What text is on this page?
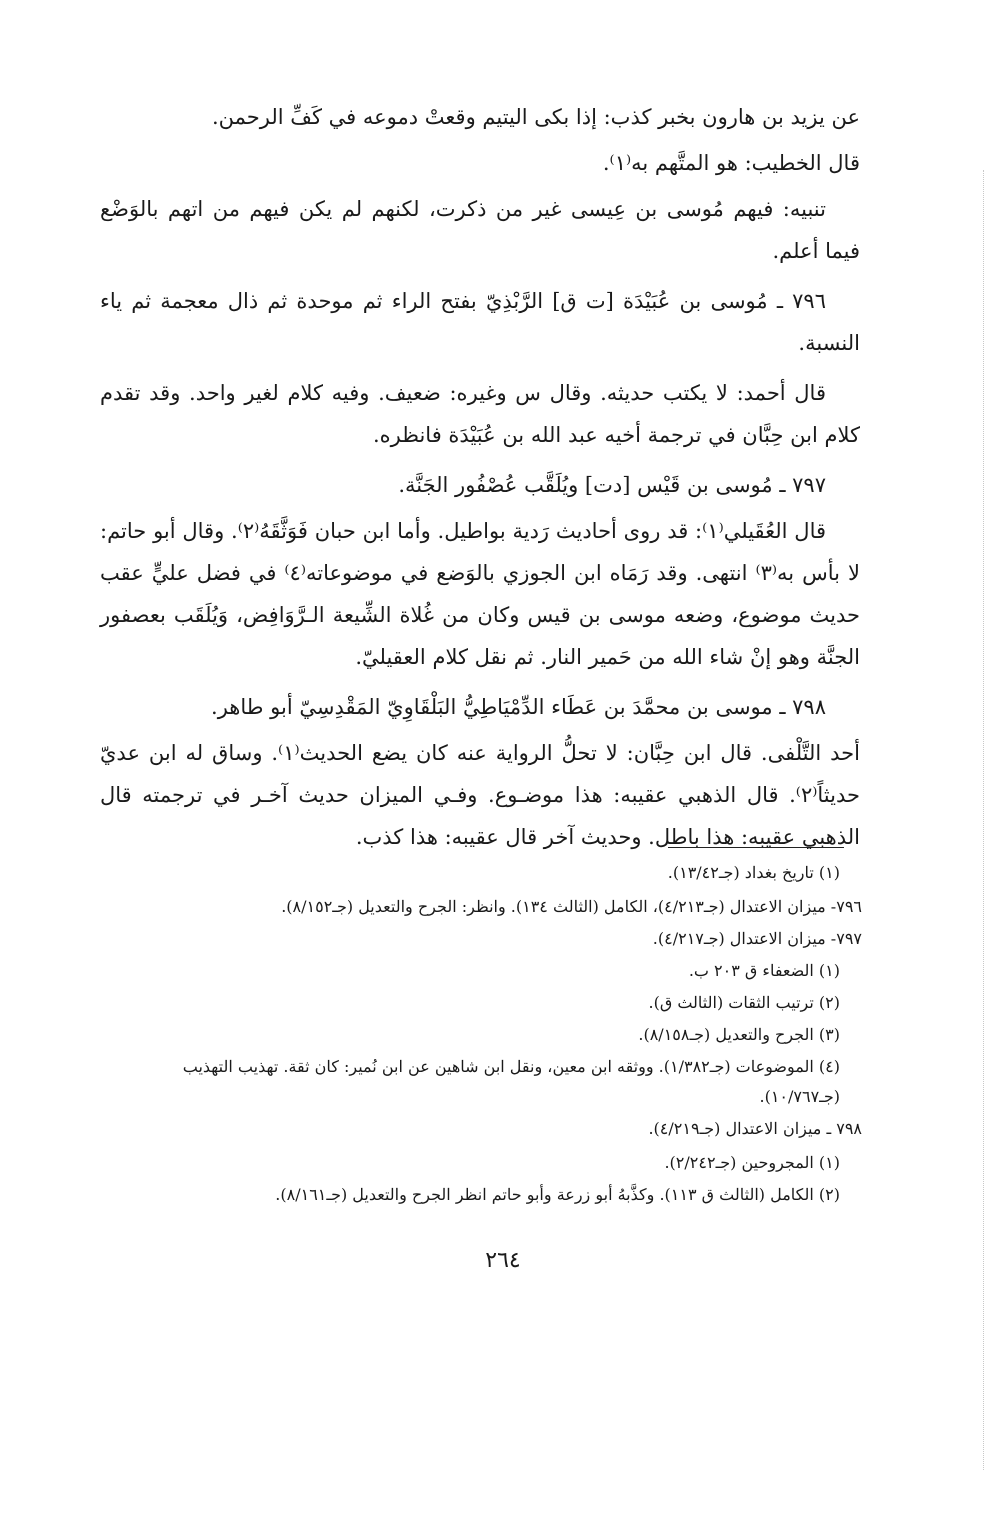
عن يزيد بن هارون بخبر كذب: إذا بكى اليتيم وقعتْ دموعه في كَفِّ الرحمن.

قال الخطيب: هو المتَّهم به⁽١⁾.

تنبيه: فيهم مُوسى بن عِيسى غير من ذكرت، لكنهم لم يكن فيهم من اتهم بالوَضْع فيما أعلم.

٧٩٦ ـ مُوسى بن عُبَيْدَة [ت ق] الرَّبْذِيّ بفتح الراء ثم موحدة ثم ذال معجمة ثم ياء النسبة.

قال أحمد: لا يكتب حديثه. وقال س وغيره: ضعيف. وفيه كلام لغير واحد. وقد تقدم كلام ابن حِبَّان في ترجمة أخيه عبد الله بن عُبَيْدَة فانظره.

٧٩٧ ـ مُوسى بن قَيْس [دت] ويُلَقَّب عُصْفُور الجَنَّة.

قال العُقَيلي⁽١⁾: قد روى أحاديث رَدية بواطيل. وأما ابن حبان فَوَثَّقَهُ⁽٢⁾. وقال أبو حاتم: لا بأس به⁽٣⁾ انتهى. وقد رَمَاه ابن الجوزي بالوَضع في موضوعاته⁽٤⁾ في فضل عليٍّ عقب حديث موضوع، وضعه موسى بن قيس وكان من غُلاة الشِّيعة الـرَّوَافِض، وَيُلَقَب بعصفور الجنَّة وهو إنْ شاء الله من حَمير النار. ثم نقل كلام العقيليّ.

٧٩٨ ـ موسى بن محمَّدَ بن عَطَاء الدِّمْيَاطِيُّ البَلْقَاوِيّ المَقْدِسِيّ أبو طاهر.

أحد التَّلْفى. قال ابن حِبَّان: لا تحلُّ الرواية عنه كان يضع الحديث⁽١⁾. وساق له ابن عديّ حديثاً⁽٢⁾. قال الذهبي عقيبه: هذا موضـوع. وفـي الميزان حديث آخـر في ترجمته قال الذهبي عقيبه: هذا باطل. وحديث آخر قال عقيبه: هذا كذب.

(١) تاريخ بغداد (جـ١٣/٤٢).
٧٩٦- ميزان الاعتدال (جـ٤/٢١٣)، الكامل (الثالث ١٣٤). وانظر: الجرح والتعديل (جـ٨/١٥٢).
٧٩٧- ميزان الاعتدال (جـ٤/٢١٧).
(١) الضعفاء ق ٢٠٣ ب.
(٢) ترتيب الثقات (الثالث ق).
(٣) الجرح والتعديل (جـ٨/١٥٨).
(٤) الموضوعات (جـ١/٣٨٢). ووثقه ابن معين، ونقل ابن شاهين عن ابن نُمير: كان ثقة. تهذيب التهذيب (جـ١٠/٧٦٧).
٧٩٨ ـ ميزان الاعتدال (جـ٤/٢١٩).
(١) المجروحين (جـ٢/٢٤٢).
(٢) الكامل (الثالث ق ١١٣). وكذَّبهُ أبو زرعة وأبو حاتم انظر الجرح والتعديل (جـ٨/١٦١).
٢٦٤
